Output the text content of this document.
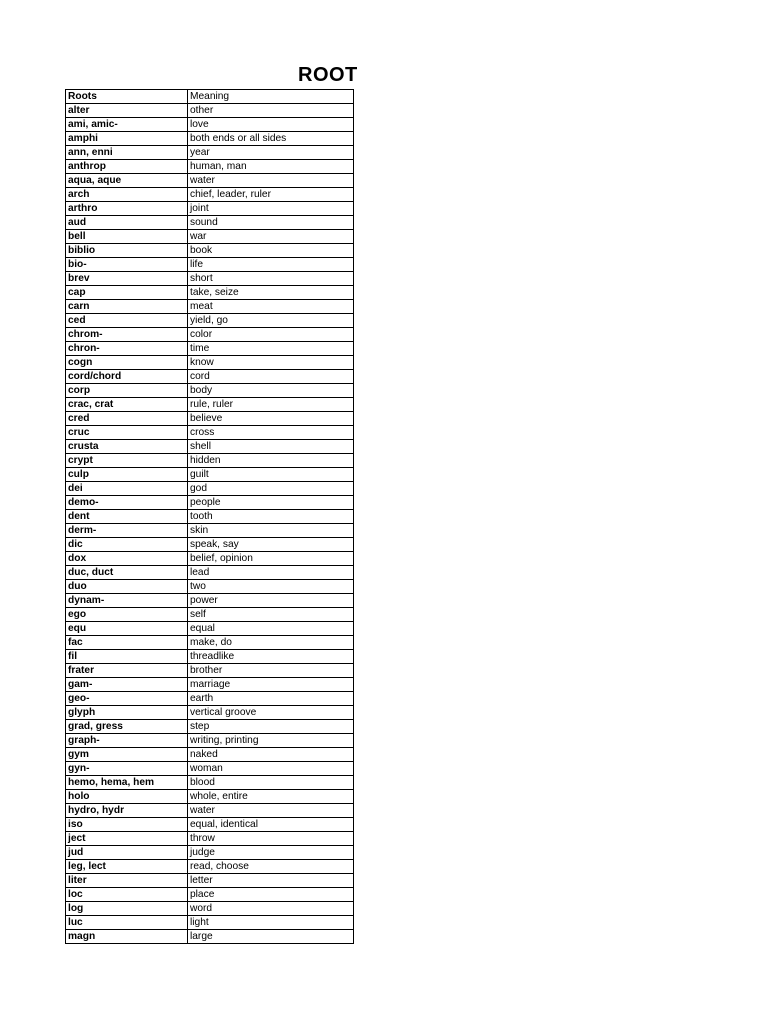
ROOT
Roots	Meaning
alter	other
ami, amic-	love
amphi	both ends or all sides
ann, enni	year
anthrop	human, man
aqua, aque	water
arch	chief, leader, ruler
arthro	joint
aud	sound
bell	war
biblio	book
bio-	life
brev	short
cap	take, seize
carn	meat
ced	yield, go
chrom-	color
chron-	time
cogn	know
cord/chord	cord
corp	body
crac, crat	rule, ruler
cred	believe
cruc	cross
crusta	shell
crypt	hidden
culp	guilt
dei	god
demo-	people
dent	tooth
derm-	skin
dic	speak, say
dox	belief, opinion
duc, duct	lead
duo	two
dynam-	power
ego	self
equ	equal
fac	make, do
fil	threadlike
frater	brother
gam-	marriage
geo-	earth
glyph	vertical groove
grad, gress	step
graph-	writing, printing
gym	naked
gyn-	woman
hemo, hema, hem	blood
holo	whole, entire
hydro, hydr	water
iso	equal, identical
ject	throw
jud	judge
leg, lect	read, choose
liter	letter
loc	place
log	word
luc	light
magn	large
